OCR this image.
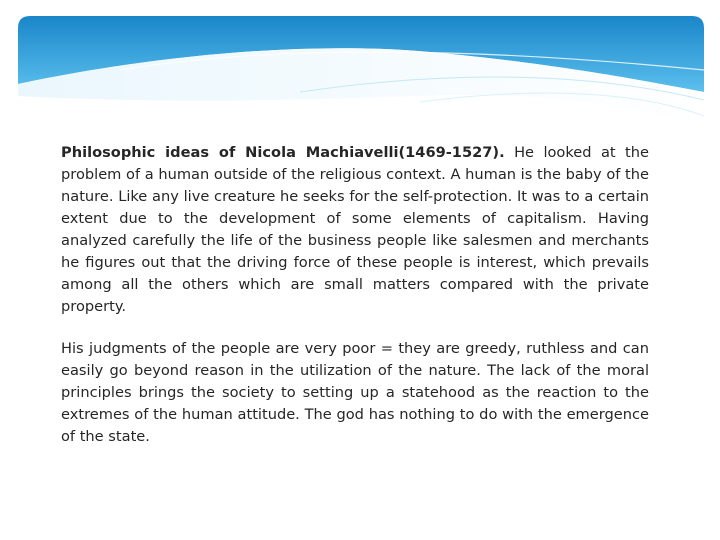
Philosophic ideas of Nicola Machiavelli(1469-1527). He looked at the problem of a human outside of the religious context. A human is the baby of the nature. Like any live creature he seeks for the self-protection. It was to a certain extent due to the development of some elements of capitalism. Having analyzed carefully the life of the business people like salesmen and merchants he figures out that the driving force of these people is interest, which prevails among all the others which are small matters compared with the private property.

His judgments of the people are very poor = they are greedy, ruthless and can easily go beyond reason in the utilization of the nature. The lack of the moral principles brings the society to setting up a statehood as the reaction to the extremes of the human attitude. The god has nothing to do with the emergence of the state.
